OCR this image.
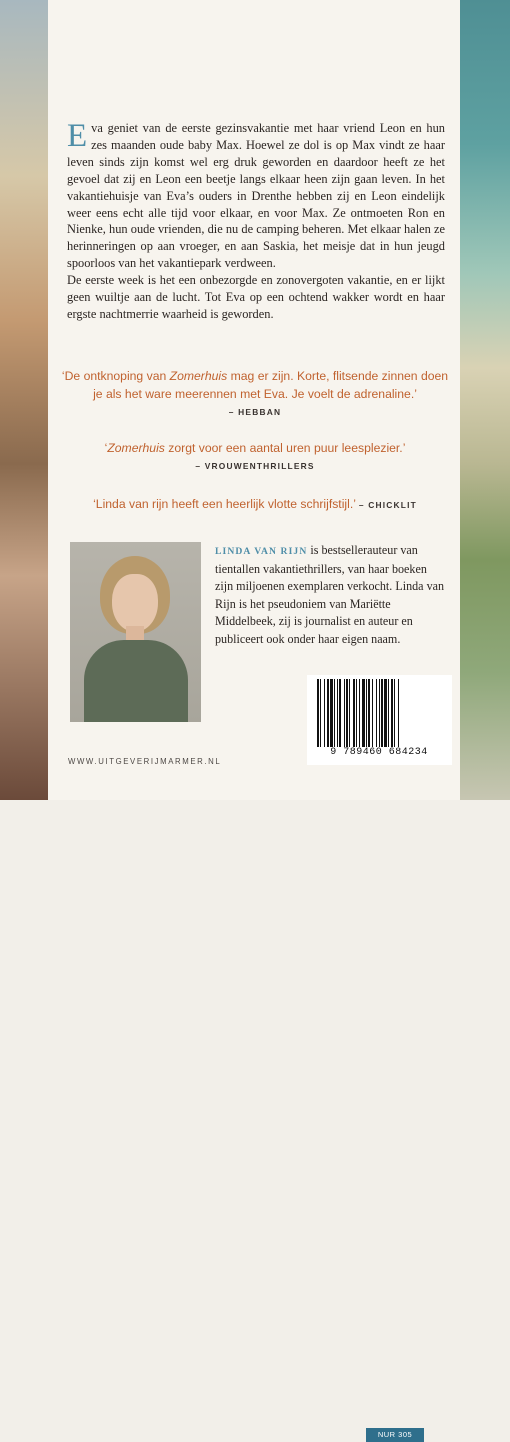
Eva geniet van de eerste gezinsvakantie met haar vriend Leon en hun zes maanden oude baby Max. Hoewel ze dol is op Max vindt ze haar leven sinds zijn komst wel erg druk geworden en daardoor heeft ze het gevoel dat zij en Leon een beetje langs elkaar heen zijn gaan leven. In het vakantiehuisje van Eva’s ouders in Drenthe hebben zij en Leon eindelijk weer eens echt alle tijd voor elkaar, en voor Max. Ze ontmoeten Ron en Nienke, hun oude vrienden, die nu de camping beheren. Met elkaar halen ze herinneringen op aan vroeger, en aan Saskia, het meisje dat in hun jeugd spoorloos van het vakantiepark verdween.
De eerste week is het een onbezorgde en zonovergoten vakantie, en er lijkt geen wuiltje aan de lucht. Tot Eva op een ochtend wakker wordt en haar ergste nachtmerrie waarheid is geworden.

‘De ontknoping van Zomerhuis mag er zijn. Korte, flitsende zinnen doen je als het ware meerennen met Eva. Je voelt de adrenaline.’
– HEBBAN
‘Zomerhuis zorgt voor een aantal uren puur leesplezier.’
– VROUWENTHRILLERS
‘Linda van rijn heeft een heerlijk vlotte schrijfstijl.’ – CHICKLIT

LINDA VAN RIJN is bestsellerauteur van tientallen vakantiethrillers, van haar boeken zijn miljoenen exemplaren verkocht. Linda van Rijn is het pseudoniem van Mariëtte Middelbeek, zij is journalist en auteur en publiceert ook onder haar eigen naam.

9 789460 684234
NUR 305
WWW.UITGEVERIJMARMER.NL
